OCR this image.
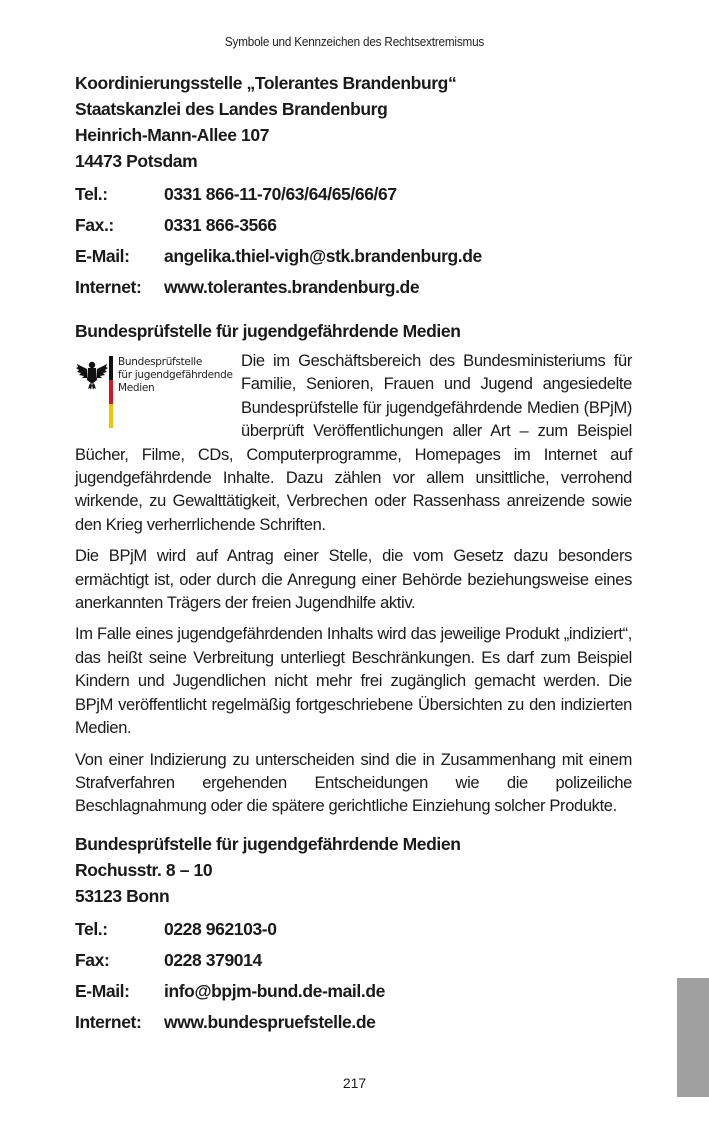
Symbole und Kennzeichen des Rechtsextremismus
Koordinierungsstelle „Tolerantes Brandenburg“
Staatskanzlei des Landes Brandenburg
Heinrich-Mann-Allee 107
14473 Potsdam
Tel.:	0331 866-11-70/63/64/65/66/67
Fax.:	0331 866-3566
E-Mail:	angelika.thiel-vigh@stk.brandenburg.de
Internet:	www.tolerantes.brandenburg.de
Bundesprüfstelle für jugendgefährdende Medien
Bundesprüfstelle
für jugendgefährdende
Medien

Die im Geschäftsbereich des Bundesministeriums für Familie, Senioren, Frauen und Jugend angesiedelte Bundesprüfstelle für jugendgefährdende Medien (BPjM) überprüft Veröffentlichungen aller Art – zum Beispiel Bücher, Filme, CDs, Computerprogramme, Homepages im Internet auf jugendgefährdende Inhalte. Dazu zählen vor allem unsittliche, verrohend wirkende, zu Gewalttätigkeit, Verbrechen oder Rassenhass anreizende sowie den Krieg verherrlichende Schriften.

Die BPjM wird auf Antrag einer Stelle, die vom Gesetz dazu besonders ermächtigt ist, oder durch die Anregung einer Behörde beziehungsweise eines anerkannten Trägers der freien Jugendhilfe aktiv.

Im Falle eines jugendgefährdenden Inhalts wird das jeweilige Produkt „indiziert“, das heißt seine Verbreitung unterliegt Beschränkungen. Es darf zum Beispiel Kindern und Jugendlichen nicht mehr frei zugänglich gemacht werden. Die BPjM veröffentlicht regelmäßig fortgeschriebene Übersichten zu den indizierten Medien.

Von einer Indizierung zu unterscheiden sind die in Zusammenhang mit einem Strafverfahren ergehenden Entscheidungen wie die polizeiliche Beschlagnahmung oder die spätere gerichtliche Einziehung solcher Produkte.

Bundesprüfstelle für jugendgefährdende Medien
Rochusstr. 8 – 10
53123 Bonn
Tel.:	0228 962103-0
Fax:	0228 379014
E-Mail:	info@bpjm-bund.de-mail.de
Internet:	www.bundespruefstelle.de
217
